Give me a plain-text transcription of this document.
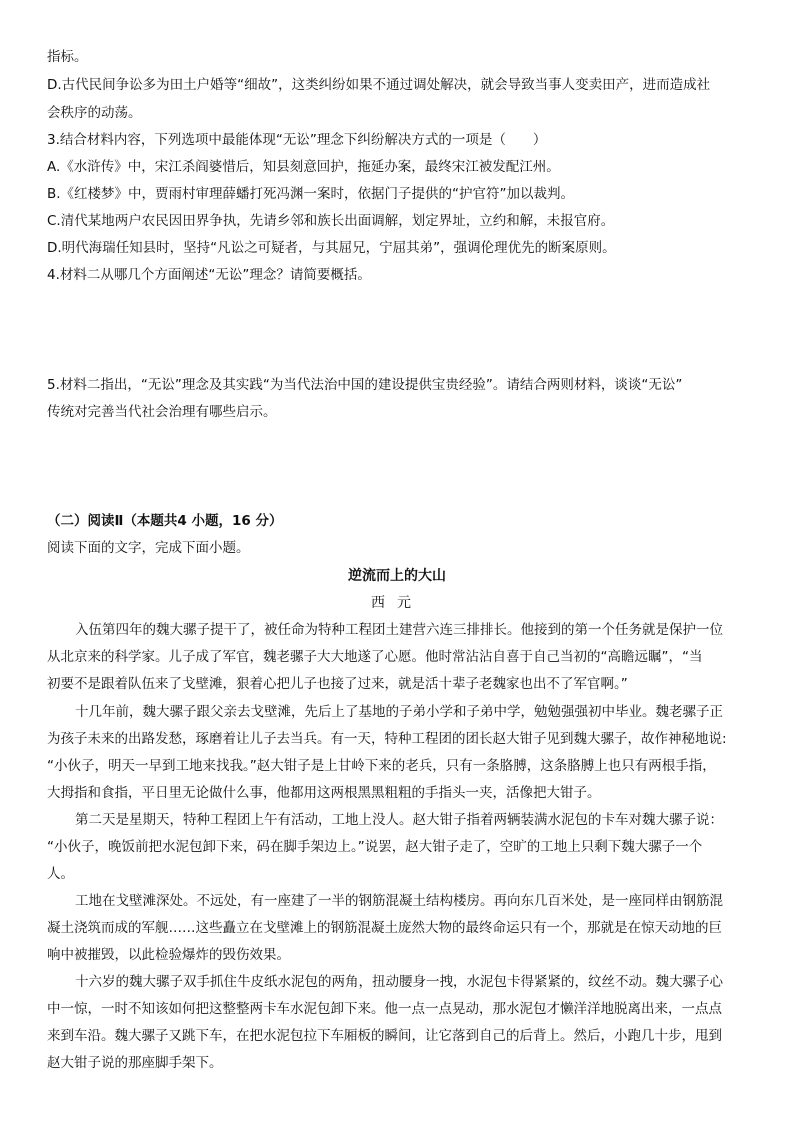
指标。
D.古代民间争讼多为田土户婚等“细故”，这类纠纷如果不通过调处解决，就会导致当事人变卖田产，进而造成社
会秩序的动荡。
3.结合材料内容，下列选项中最能体现“无讼”理念下纠纷解决方式的一项是（　　）
A.《水浒传》中，宋江杀阎婆惜后，知县刻意回护，拖延办案，最终宋江被发配江州。
B.《红楼梦》中，贾雨村审理薛蟠打死冯渊一案时，依据门子提供的“护官符”加以裁判。
C.清代某地两户农民因田界争执，先请乡邻和族长出面调解，划定界址，立约和解，未报官府。
D.明代海瑞任知县时，坚持“凡讼之可疑者，与其屈兄，宁屈其弟”，强调伦理优先的断案原则。
4.材料二从哪几个方面阐述“无讼”理念？请简要概括。
5.材料二指出，“无讼”理念及其实践“为当代法治中国的建设提供宝贵经验”。请结合两则材料，谈谈“无讼”
传统对完善当代社会治理有哪些启示。
（二）阅读Ⅱ（本题共4 小题，16 分）
阅读下面的文字，完成下面小题。
逆流而上的大山
西元
入伍第四年的魏大骡子提干了，被任命为特种工程团土建营六连三排排长。他接到的第一个任务就是保护一位
从北京来的科学家。儿子成了军官，魏老骡子大大地遂了心愿。他时常沾沾自喜于自己当初的“高瞻远瞩”，“当
初要不是跟着队伍来了戈壁滩，狠着心把儿子也接了过来，就是活十辈子老魏家也出不了军官啊。”
十几年前，魏大骡子跟父亲去戈壁滩，先后上了基地的子弟小学和子弟中学，勉勉强强初中毕业。魏老骡子正
为孩子未来的出路发愁，琢磨着让儿子去当兵。有一天，特种工程团的团长赵大钳子见到魏大骡子，故作神秘地说:
“小伙子，明天一早到工地来找我。”赵大钳子是上甘岭下来的老兵，只有一条胳膊，这条胳膊上也只有两根手指，
大拇指和食指，平日里无论做什么事，他都用这两根黑黑粗粗的手指头一夹，活像把大钳子。
第二天是星期天，特种工程团上午有活动，工地上没人。赵大钳子指着两辆装满水泥包的卡车对魏大骡子说：
“小伙子，晚饭前把水泥包卸下来，码在脚手架边上。”说罢，赵大钳子走了，空旷的工地上只剩下魏大骡子一个
人。
工地在戈壁滩深处。不远处，有一座建了一半的钢筋混凝土结构楼房。再向东几百米处，是一座同样由钢筋混
凝土浇筑而成的军舰……这些矗立在戈壁滩上的钢筋混凝土庞然大物的最终命运只有一个，那就是在惊天动地的巨
响中被摧毁，以此检验爆炸的毁伤效果。
十六岁的魏大骡子双手抓住牛皮纸水泥包的两角，扭动腰身一拽，水泥包卡得紧紧的，纹丝不动。魏大骡子心
中一惊，一时不知该如何把这整整两卡车水泥包卸下来。他一点一点晃动，那水泥包才懒洋洋地脱离出来，一点点
来到车沿。魏大骡子又跳下车，在把水泥包拉下车厢板的瞬间，让它落到自己的后背上。然后，小跑几十步，甩到
赵大钳子说的那座脚手架下。
